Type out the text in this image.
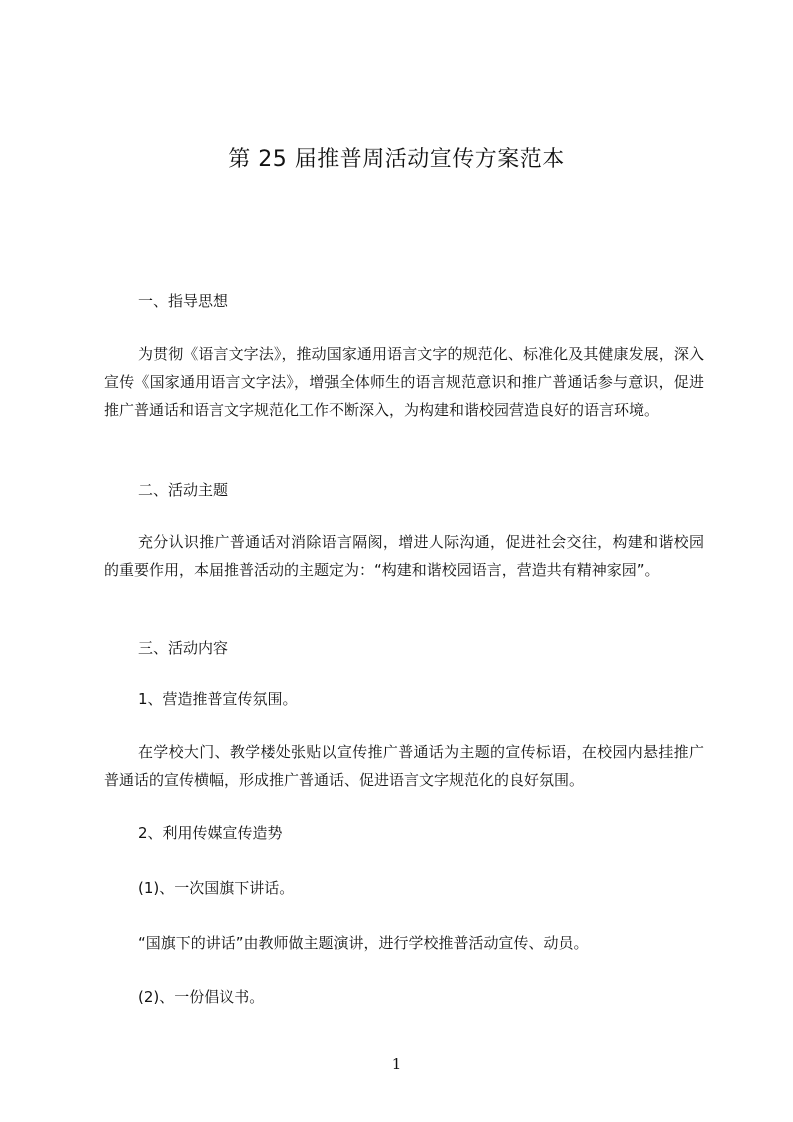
第 25 届推普周活动宣传方案范本
一、指导思想
为贯彻《语言文字法》，推动国家通用语言文字的规范化、标准化及其健康发展，深入宣传《国家通用语言文字法》，增强全体师生的语言规范意识和推广普通话参与意识，促进推广普通话和语言文字规范化工作不断深入，为构建和谐校园营造良好的语言环境。
二、活动主题
充分认识推广普通话对消除语言隔阂，增进人际沟通，促进社会交往，构建和谐校园的重要作用，本届推普活动的主题定为：“构建和谐校园语言，营造共有精神家园”。
三、活动内容
1、营造推普宣传氛围。
在学校大门、教学楼处张贴以宣传推广普通话为主题的宣传标语，在校园内悬挂推广普通话的宣传横幅，形成推广普通话、促进语言文字规范化的良好氛围。
2、利用传媒宣传造势
(1)、一次国旗下讲话。
“国旗下的讲话”由教师做主题演讲，进行学校推普活动宣传、动员。
(2)、一份倡议书。
1
